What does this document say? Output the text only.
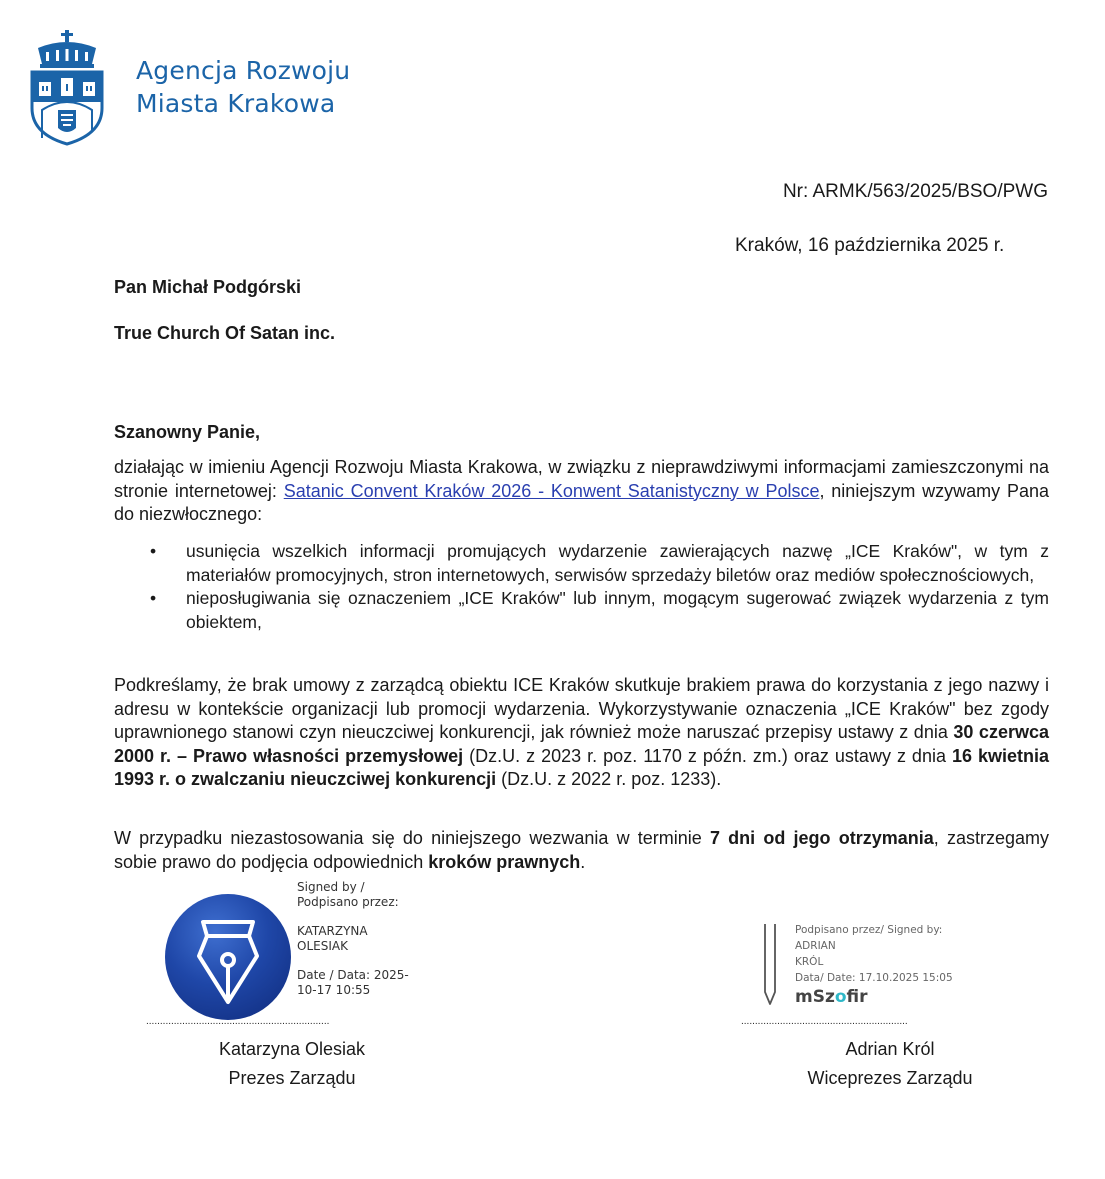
Agencja Rozwoju
Miasta Krakowa
Nr: ARMK/563/2025/BSO/PWG
Kraków, 16 października 2025 r.
Pan Michał Podgórski
True Church Of Satan inc.
Szanowny Panie,
działając w imieniu Agencji Rozwoju Miasta Krakowa, w związku z nieprawdziwymi informacjami zamieszczonymi na stronie internetowej: Satanic Convent Kraków 2026 - Konwent Satanistyczny w Polsce, niniejszym wzywamy Pana do niezwłocznego:
• usunięcia wszelkich informacji promujących wydarzenie zawierających nazwę „ICE Kraków", w tym z materiałów promocyjnych, stron internetowych, serwisów sprzedaży biletów oraz mediów społecznościowych,
• nieposługiwania się oznaczeniem „ICE Kraków" lub innym, mogącym sugerować związek wydarzenia z tym obiektem,
Podkreślamy, że brak umowy z zarządcą obiektu ICE Kraków skutkuje brakiem prawa do korzystania z jego nazwy i adresu w kontekście organizacji lub promocji wydarzenia. Wykorzystywanie oznaczenia „ICE Kraków" bez zgody uprawnionego stanowi czyn nieuczciwej konkurencji, jak również może naruszać przepisy ustawy z dnia 30 czerwca 2000 r. – Prawo własności przemysłowej (Dz.U. z 2023 r. poz. 1170 z późn. zm.) oraz ustawy z dnia 16 kwietnia 1993 r. o zwalczaniu nieuczciwej konkurencji (Dz.U. z 2022 r. poz. 1233).
W przypadku niezastosowania się do niniejszego wezwania w terminie 7 dni od jego otrzymania, zastrzegamy sobie prawo do podjęcia odpowiednich kroków prawnych.
Signed by /
Podpisano przez:
KATARZYNA
OLESIAK
Date / Data: 2025-
10-17 10:55
..................................................................
Podpisano przez/ Signed by:
ADRIAN
KRÓL
Data/ Date: 17.10.2025 15:05
mSzofir
............................................................
Katarzyna Olesiak
Prezes Zarządu
Adrian Król
Wiceprezes Zarządu
